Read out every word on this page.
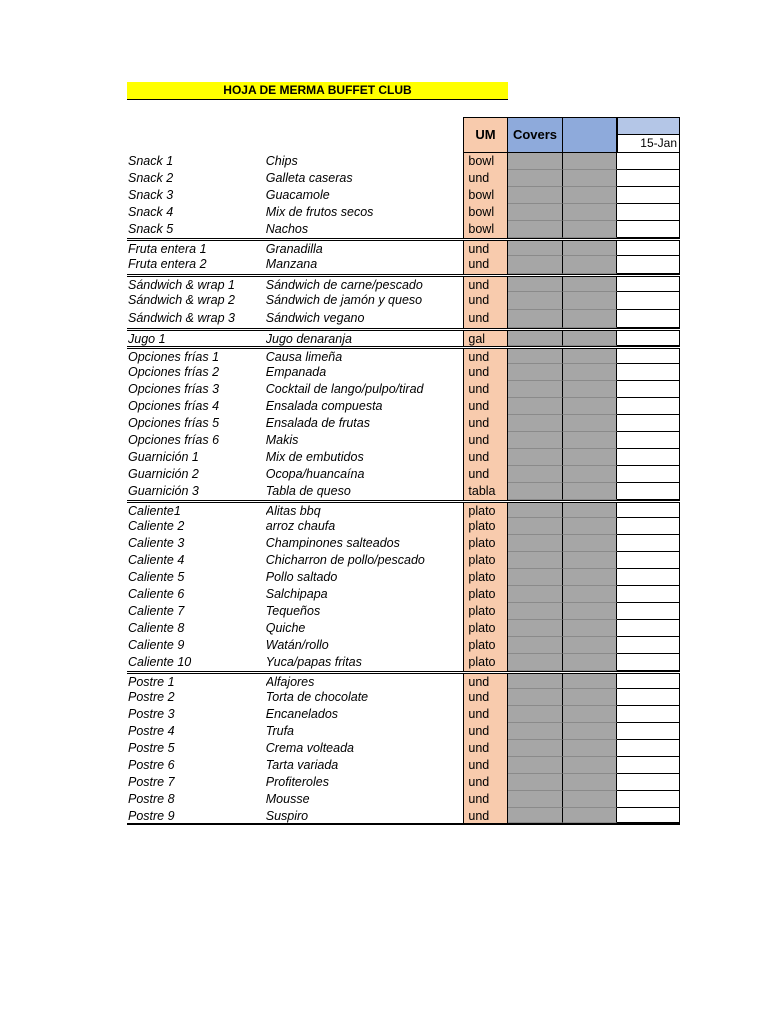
HOJA DE MERMA BUFFET CLUB
UM	Covers
15-Jan
Snack 1	Chips	bowl
Snack 2	Galleta caseras	und
Snack 3	Guacamole	bowl
Snack 4	Mix de frutos secos	bowl
Snack 5	Nachos	bowl
Fruta entera 1	Granadilla	und
Fruta entera 2	Manzana	und
Sándwich & wrap 1	Sándwich de carne/pescado	und
Sándwich & wrap 2	Sándwich de jamón y queso	und
Sándwich & wrap 3	Sándwich vegano	und
Jugo 1	Jugo denaranja	gal
Opciones frías 1	Causa limeña	und
Opciones frías 2	Empanada	und
Opciones frías 3	Cocktail de lango/pulpo/tirad	und
Opciones frías 4	Ensalada compuesta	und
Opciones frías 5	Ensalada de frutas	und
Opciones frías 6	Makis	und
Guarnición 1	Mix de embutidos	und
Guarnición 2	Ocopa/huancaína	und
Guarnición 3	Tabla de queso	tabla
Caliente1	Alitas bbq	plato
Caliente 2	arroz chaufa	plato
Caliente 3	Champinones salteados	plato
Caliente 4	Chicharron de pollo/pescado	plato
Caliente 5	Pollo saltado	plato
Caliente 6	Salchipapa	plato
Caliente 7	Tequeños	plato
Caliente 8	Quiche	plato
Caliente 9	Watán/rollo	plato
Caliente 10	Yuca/papas fritas	plato
Postre 1	Alfajores	und
Postre 2	Torta de chocolate	und
Postre 3	Encanelados	und
Postre 4	Trufa	und
Postre 5	Crema volteada	und
Postre 6	Tarta variada	und
Postre 7	Profiteroles	und
Postre 8	Mousse	und
Postre 9	Suspiro	und
